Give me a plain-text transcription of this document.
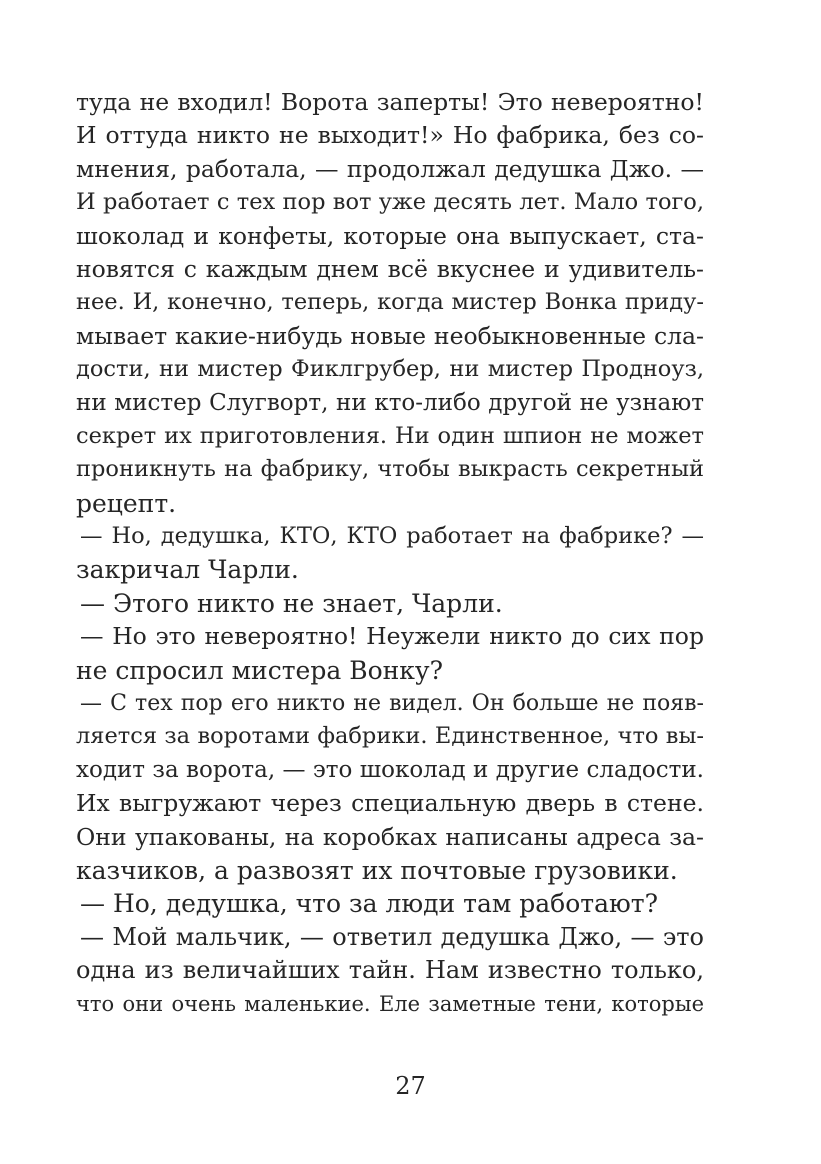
туда не входил! Ворота заперты! Это невероятно!
И оттуда никто не выходит!» Но фабрика, без со-
мнения, работала, — продолжал дедушка Джо. —
И работает с тех пор вот уже десять лет. Мало того,
шоколад и конфеты, которые она выпускает, ста-
новятся с каждым днем всё вкуснее и удивитель-
нее. И, конечно, теперь, когда мистер Вонка приду-
мывает какие-нибудь новые необыкновенные сла-
дости, ни мистер Фиклгрубер, ни мистер Продноуз,
ни мистер Слугворт, ни кто-либо другой не узнают
секрет их приготовления. Ни один шпион не может
проникнуть на фабрику, чтобы выкрасть секретный
рецепт.
— Но, дедушка, КТО, КТО работает на фабрике? —
закричал Чарли.
— Этого никто не знает, Чарли.
— Но это невероятно! Неужели никто до сих пор
не спросил мистера Вонку?
— С тех пор его никто не видел. Он больше не появ-
ляется за воротами фабрики. Единственное, что вы-
ходит за ворота, — это шоколад и другие сладости.
Их выгружают через специальную дверь в стене.
Они упакованы, на коробках написаны адреса за-
казчиков, а развозят их почтовые грузовики.
— Но, дедушка, что за люди там работают?
— Мой мальчик, — ответил дедушка Джо, — это
одна из величайших тайн. Нам известно только,
что они очень маленькие. Еле заметные тени, которые
27
